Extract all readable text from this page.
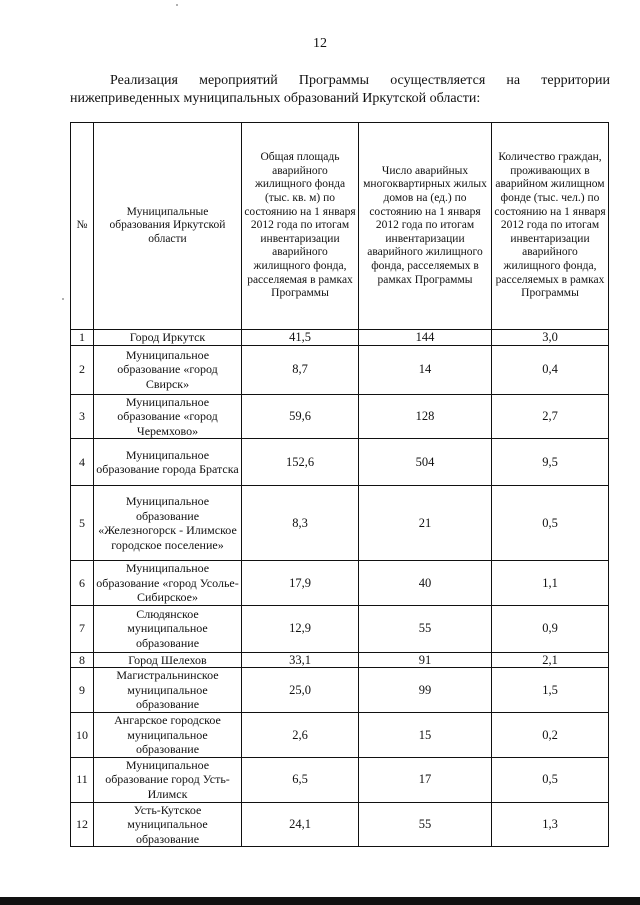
12
Реализация мероприятий Программы осуществляется на территории нижеприведенных муниципальных образований Иркутской области:
№	Муниципальные образования Иркутской области	Общая площадь аварийного жилищного фонда (тыс. кв. м) по состоянию на 1 января 2012 года по итогам инвентаризации аварийного жилищного фонда, расселяемая в рамках Программы	Число аварийных многоквартирных жилых домов на (ед.) по состоянию на 1 января 2012 года по итогам инвентаризации аварийного жилищного фонда, расселяемых в рамках Программы	Количество граждан, проживающих в аварийном жилищном фонде (тыс. чел.) по состоянию на 1 января 2012 года по итогам инвентаризации аварийного жилищного фонда, расселяемых в рамках Программы
1	Город Иркутск	41,5	144	3,0
2	Муниципальное образование «город Свирск»	8,7	14	0,4
3	Муниципальное образование «город Черемхово»	59,6	128	2,7
4	Муниципальное образование города Братска	152,6	504	9,5
5	Муниципальное образование «Железногорск - Илимское городское поселение»	8,3	21	0,5
6	Муниципальное образование «город Усолье-Сибирское»	17,9	40	1,1
7	Слюдянское муниципальное образование	12,9	55	0,9
8	Город Шелехов	33,1	91	2,1
9	Магистральнинское муниципальное образование	25,0	99	1,5
10	Ангарское городское муниципальное образование	2,6	15	0,2
11	Муниципальное образование город Усть-Илимск	6,5	17	0,5
12	Усть-Кутское муниципальное образование	24,1	55	1,3
